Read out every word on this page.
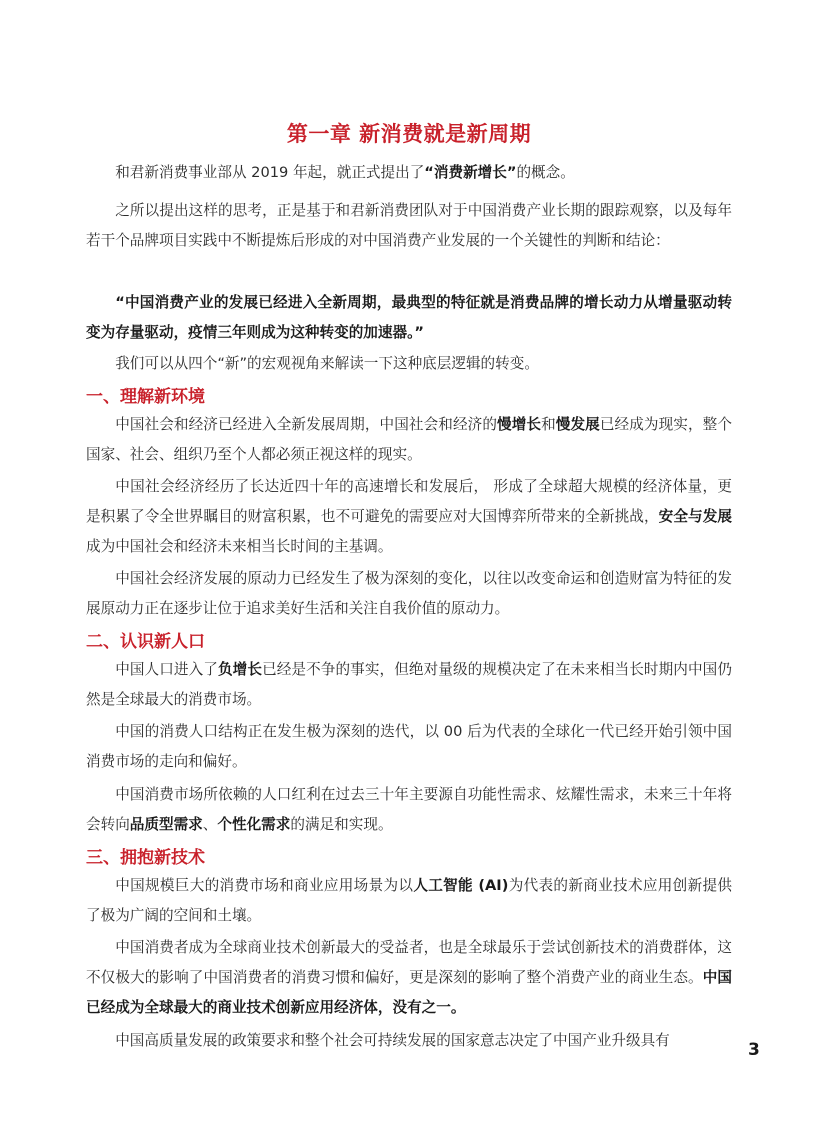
第一章 新消费就是新周期

和君新消费事业部从 2019 年起，就正式提出了“消费新增长”的概念。

之所以提出这样的思考，正是基于和君新消费团队对于中国消费产业长期的跟踪观察，以及每年若干个品牌项目实践中不断提炼后形成的对中国消费产业发展的一个关键性的判断和结论：

“中国消费产业的发展已经进入全新周期，最典型的特征就是消费品牌的增长动力从增量驱动转变为存量驱动，疫情三年则成为这种转变的加速器。”

我们可以从四个“新”的宏观视角来解读一下这种底层逻辑的转变。

一、理解新环境

中国社会和经济已经进入全新发展周期，中国社会和经济的慢增长和慢发展已经成为现实，整个国家、社会、组织乃至个人都必须正视这样的现实。

中国社会经济经历了长达近四十年的高速增长和发展后， 形成了全球超大规模的经济体量，更是积累了令全世界瞩目的财富积累，也不可避免的需要应对大国博弈所带来的全新挑战，安全与发展成为中国社会和经济未来相当长时间的主基调。

中国社会经济发展的原动力已经发生了极为深刻的变化，以往以改变命运和创造财富为特征的发展原动力正在逐步让位于追求美好生活和关注自我价值的原动力。

二、认识新人口

中国人口进入了负增长已经是不争的事实，但绝对量级的规模决定了在未来相当长时期内中国仍然是全球最大的消费市场。

中国的消费人口结构正在发生极为深刻的迭代，以 00 后为代表的全球化一代已经开始引领中国消费市场的走向和偏好。

中国消费市场所依赖的人口红利在过去三十年主要源自功能性需求、炫耀性需求，未来三十年将会转向品质型需求、个性化需求的满足和实现。

三、拥抱新技术

中国规模巨大的消费市场和商业应用场景为以人工智能 (AI)为代表的新商业技术应用创新提供了极为广阔的空间和土壤。

中国消费者成为全球商业技术创新最大的受益者，也是全球最乐于尝试创新技术的消费群体，这不仅极大的影响了中国消费者的消费习惯和偏好，更是深刻的影响了整个消费产业的商业生态。中国已经成为全球最大的商业技术创新应用经济体，没有之一。

中国高质量发展的政策要求和整个社会可持续发展的国家意志决定了中国产业升级具有	3
